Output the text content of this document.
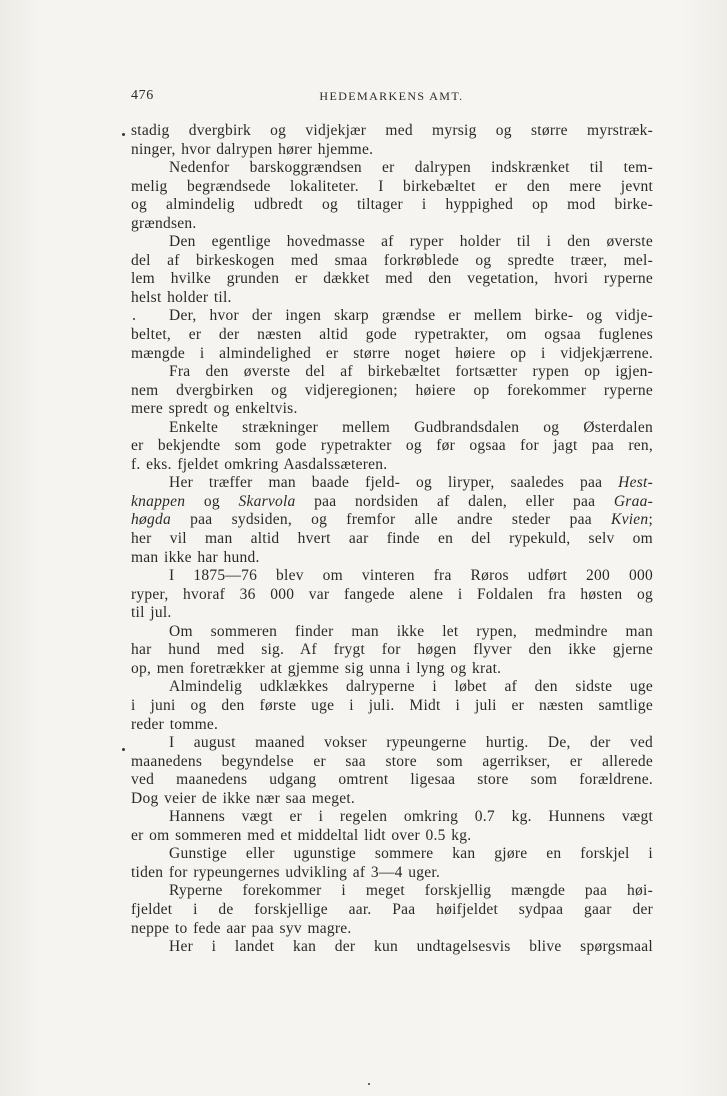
476	HEDEMARKENS AMT.
stadig dvergbirk og vidjekjær med myrsig og større myrstræk-
ninger, hvor dalrypen hører hjemme.
Nedenfor barskoggrændsen er dalrypen indskrænket til tem-
melig begrændsede lokaliteter. I birkebæltet er den mere jevnt
og almindelig udbredt og tiltager i hyppighed op mod birke-
grændsen.
Den egentlige hovedmasse af ryper holder til i den øverste
del af birkeskogen med smaa forkrøblede og spredte træer, mel-
lem hvilke grunden er dækket med den vegetation, hvori ryperne
helst holder til.
Der, hvor der ingen skarp grændse er mellem birke- og vidje-
beltet, er der næsten altid gode rypetrakter, om ogsaa fuglenes
mængde i almindelighed er større noget høiere op i vidjekjærrene.
Fra den øverste del af birkebæltet fortsætter rypen op igjen-
nem dvergbirken og vidjeregionen; høiere op forekommer ryperne
mere spredt og enkeltvis.
Enkelte strækninger mellem Gudbrandsdalen og Østerdalen
er bekjendte som gode rypetrakter og før ogsaa for jagt paa ren,
f. eks. fjeldet omkring Aasdalssæteren.
Her træffer man baade fjeld- og liryper, saaledes paa Hest-
knappen og Skarvola paa nordsiden af dalen, eller paa Graa-
høgda paa sydsiden, og fremfor alle andre steder paa Kvien;
her vil man altid hvert aar finde en del rypekuld, selv om
man ikke har hund.
I 1875—76 blev om vinteren fra Røros udført 200 000
ryper, hvoraf 36 000 var fangede alene i Foldalen fra høsten og
til jul.
Om sommeren finder man ikke let rypen, medmindre man
har hund med sig. Af frygt for høgen flyver den ikke gjerne
op, men foretrækker at gjemme sig unna i lyng og krat.
Almindelig udklækkes dalryperne i løbet af den sidste uge
i juni og den første uge i juli. Midt i juli er næsten samtlige
reder tomme.
I august maaned vokser rypeungerne hurtig. De, der ved
maanedens begyndelse er saa store som agerrikser, er allerede
ved maanedens udgang omtrent ligesaa store som forældrene.
Dog veier de ikke nær saa meget.
Hannens vægt er i regelen omkring 0.7 kg. Hunnens vægt
er om sommeren med et middeltal lidt over 0.5 kg.
Gunstige eller ugunstige sommere kan gjøre en forskjel i
tiden for rypeungernes udvikling af 3—4 uger.
Ryperne forekommer i meget forskjellig mængde paa høi-
fjeldet i de forskjellige aar. Paa høifjeldet sydpaa gaar der
neppe to fede aar paa syv magre.
Her i landet kan der kun undtagelsesvis blive spørgsmaal
